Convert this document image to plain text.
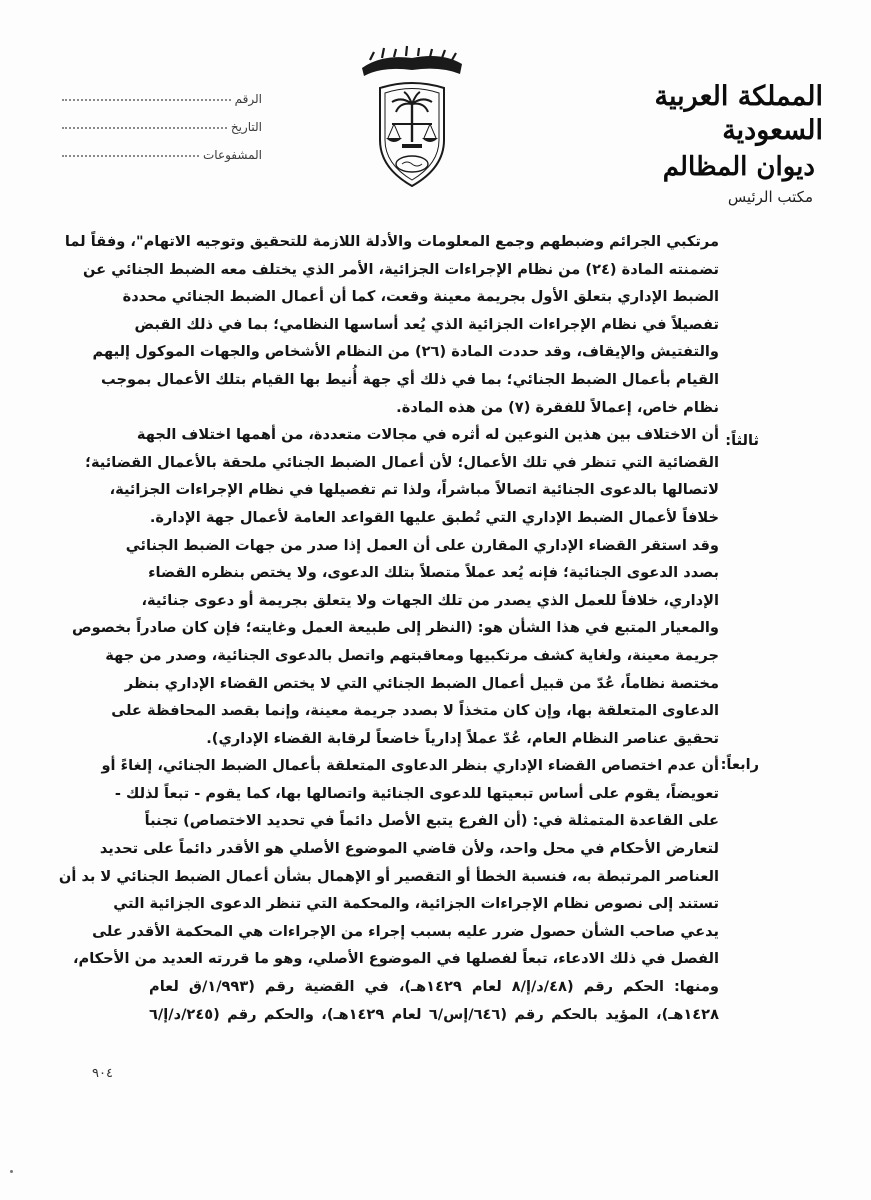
المملكة العربية السعودية
ديوان المظالم
مكتب الرئيس
الرقم
التاريخ
المشفوعات
ثالثاً:
رابعاً:
مرتكبي الجرائم وضبطهم وجمع المعلومات والأدلة اللازمة للتحقيق وتوجيه الاتهام"، وفقاً لما
تضمنته المادة (٢٤) من نظام الإجراءات الجزائية، الأمر الذي يختلف معه الضبط الجنائي عن
الضبط الإداري بتعلق الأول بجريمة معينة وقعت، كما أن أعمال الضبط الجنائي محددة
تفصيلاً في نظام الإجراءات الجزائية الذي يُعد أساسها النظامي؛ بما في ذلك القبض
والتفتيش والإيقاف، وقد حددت المادة (٢٦) من النظام الأشخاص والجهات الموكول إليهم
القيام بأعمال الضبط الجنائي؛ بما في ذلك أي جهة أُنيط بها القيام بتلك الأعمال بموجب
نظام خاص، إعمالاً للفقرة (٧) من هذه المادة.
أن الاختلاف بين هذين النوعين له أثره في مجالات متعددة، من أهمها اختلاف الجهة
القضائية التي تنظر في تلك الأعمال؛ لأن أعمال الضبط الجنائي ملحقة بالأعمال القضائية؛
لاتصالها بالدعوى الجنائية اتصالاً مباشراً، ولذا تم تفصيلها في نظام الإجراءات الجزائية،
خلافاً لأعمال الضبط الإداري التي تُطبق عليها القواعد العامة لأعمال جهة الإدارة.
وقد استقر القضاء الإداري المقارن على أن العمل إذا صدر من جهات الضبط الجنائي
بصدد الدعوى الجنائية؛ فإنه يُعد عملاً متصلاً بتلك الدعوى، ولا يختص بنظره القضاء
الإداري، خلافاً للعمل الذي يصدر من تلك الجهات ولا يتعلق بجريمة أو دعوى جنائية،
والمعيار المتبع في هذا الشأن هو: (النظر إلى طبيعة العمل وغايته؛ فإن كان صادراً بخصوص
جريمة معينة، ولغاية كشف مرتكبيها ومعاقبتهم واتصل بالدعوى الجنائية، وصدر من جهة
مختصة نظاماً، عُدّ من قبيل أعمال الضبط الجنائي التي لا يختص القضاء الإداري بنظر
الدعاوى المتعلقة بها، وإن كان متخذاً لا بصدد جريمة معينة، وإنما بقصد المحافظة على
تحقيق عناصر النظام العام، عُدّ عملاً إدارياً خاضعاً لرقابة القضاء الإداري).
أن عدم اختصاص القضاء الإداري بنظر الدعاوى المتعلقة بأعمال الضبط الجنائي، إلغاءً أو
تعويضاً، يقوم على أساس تبعيتها للدعوى الجنائية واتصالها بها، كما يقوم - تبعاً لذلك -
على القاعدة المتمثلة في: (أن الفرع يتبع الأصل دائماً في تحديد الاختصاص) تجنباً
لتعارض الأحكام في محل واحد، ولأن قاضي الموضوع الأصلي هو الأقدر دائماً على تحديد
العناصر المرتبطة به، فنسبة الخطأ أو التقصير أو الإهمال بشأن أعمال الضبط الجنائي لا بد أن
تستند إلى نصوص نظام الإجراءات الجزائية، والمحكمة التي تنظر الدعوى الجزائية التي
يدعي صاحب الشأن حصول ضرر عليه بسبب إجراء من الإجراءات هي المحكمة الأقدر على
الفصل في ذلك الادعاء، تبعاً لفصلها في الموضوع الأصلي، وهو ما قررته العديد من الأحكام،
ومنها: الحكم رقم (٤٨/د/إ/٨ لعام ١٤٢٩هـ)، في القضية رقم (١/٩٩٣/ق لعام
١٤٢٨هـ)، المؤيد بالحكم رقم (٦٤٦/إس/٦ لعام ١٤٢٩هـ)، والحكم رقم (٢٤٥/د/إ/٦
٩٠٤
